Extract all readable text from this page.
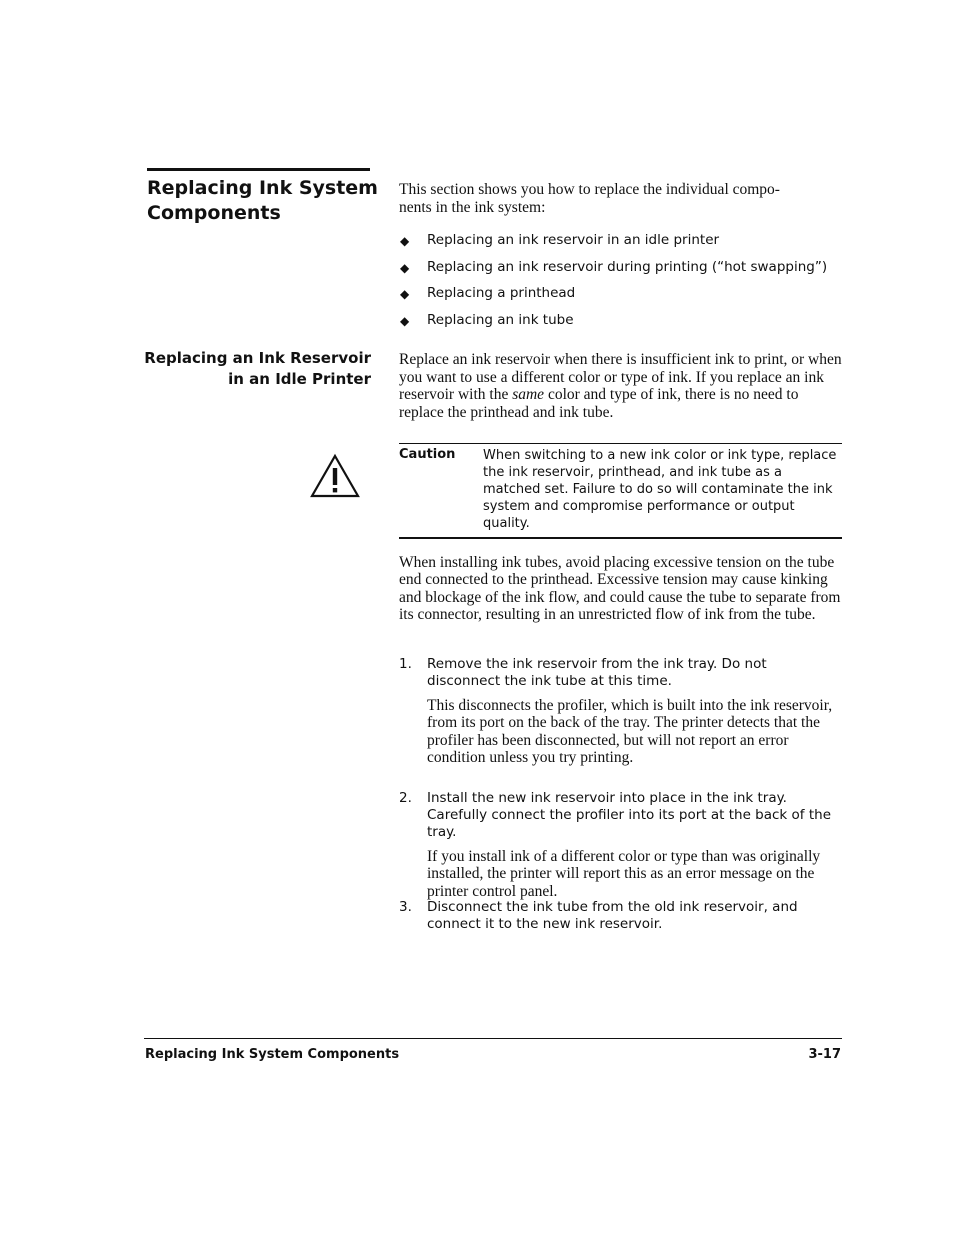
Replacing Ink System Components
This section shows you how to replace the individual compo-
nents in the ink system:
◆ Replacing an ink reservoir in an idle printer
◆ Replacing an ink reservoir during printing (“hot swapping”)
◆ Replacing a printhead
◆ Replacing an ink tube
Replacing an Ink Reservoir
in an Idle Printer

Replace an ink reservoir when there is insufficient ink to print, or when you want to use a different color or type of ink. If you replace an ink reservoir with the same color and type of ink, there is no need to replace the printhead and ink tube.

Caution When switching to a new ink color or ink type, replace the ink reservoir, printhead, and ink tube as a matched set. Failure to do so will contaminate the ink system and compromise performance or output quality.

When installing ink tubes, avoid placing excessive tension on the tube end connected to the printhead. Excessive tension may cause kinking and blockage of the ink flow, and could cause the tube to separate from its connector, resulting in an unrestricted flow of ink from the tube.

1. Remove the ink reservoir from the ink tray. Do not disconnect the ink tube at this time.
This disconnects the profiler, which is built into the ink reservoir, from its port on the back of the tray. The printer detects that the profiler has been disconnected, but will not report an error condition unless you try printing.
2. Install the new ink reservoir into place in the ink tray. Carefully connect the profiler into its port at the back of the tray.
If you install ink of a different color or type than was originally installed, the printer will report this as an error message on the printer control panel.
3. Disconnect the ink tube from the old ink reservoir, and connect it to the new ink reservoir.
Replacing Ink System Components	3-17
